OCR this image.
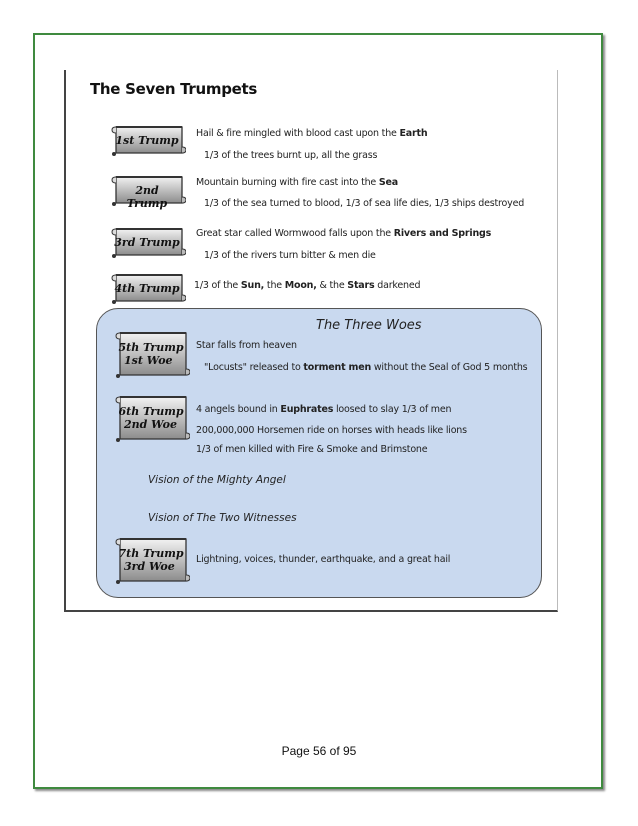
The Seven Trumpets
1st Trump
Hail & fire mingled with blood cast upon the Earth
1/3 of the trees burnt up, all the grass
2nd Trump
Mountain burning with fire cast into the Sea
1/3 of the sea turned to blood, 1/3 of sea life dies, 1/3 ships destroyed
3rd Trump
Great star called Wormwood falls upon the Rivers and Springs
1/3 of the rivers turn bitter & men die
4th Trump 1/3 of the Sun, the Moon, & the Stars darkened
The Three Woes
5th Trump
1st Woe
Star falls from heaven
"Locusts" released to torment men without the Seal of God 5 months
6th Trump
2nd Woe
4 angels bound in Euphrates loosed to slay 1/3 of men
200,000,000 Horsemen ride on horses with heads like lions
1/3 of men killed with Fire & Smoke and Brimstone
Vision of the Mighty Angel
Vision of The Two Witnesses
7th Trump
3rd Woe
Lightning, voices, thunder, earthquake, and a great hail
Page 56 of 95
